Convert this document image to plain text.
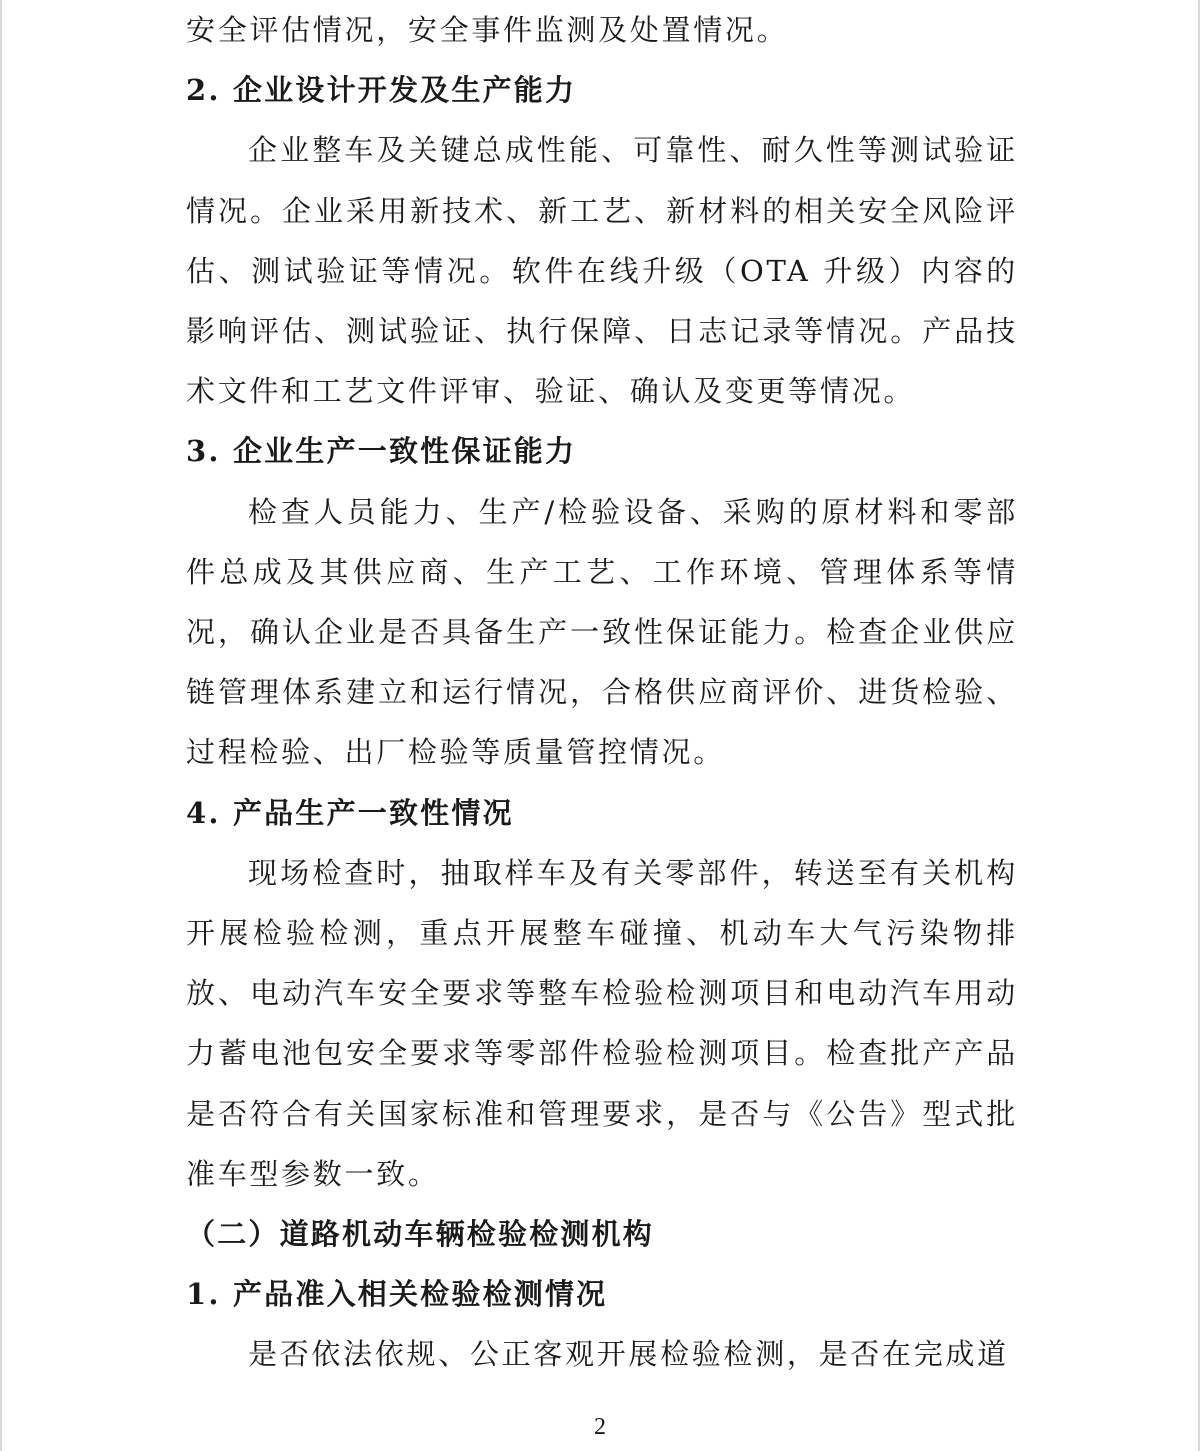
安全评估情况，安全事件监测及处置情况。

2. 企业设计开发及生产能力

企业整车及关键总成性能、可靠性、耐久性等测试验证情况。企业采用新技术、新工艺、新材料的相关安全风险评估、测试验证等情况。软件在线升级（OTA 升级）内容的影响评估、测试验证、执行保障、日志记录等情况。产品技术文件和工艺文件评审、验证、确认及变更等情况。

3. 企业生产一致性保证能力

检查人员能力、生产/检验设备、采购的原材料和零部件总成及其供应商、生产工艺、工作环境、管理体系等情况，确认企业是否具备生产一致性保证能力。检查企业供应链管理体系建立和运行情况，合格供应商评价、进货检验、过程检验、出厂检验等质量管控情况。

4. 产品生产一致性情况

现场检查时，抽取样车及有关零部件，转送至有关机构开展检验检测，重点开展整车碰撞、机动车大气污染物排放、电动汽车安全要求等整车检验检测项目和电动汽车用动力蓄电池包安全要求等零部件检验检测项目。检查批产产品是否符合有关国家标准和管理要求，是否与《公告》型式批准车型参数一致。

（二）道路机动车辆检验检测机构

1. 产品准入相关检验检测情况

是否依法依规、公正客观开展检验检测，是否在完成道

2
